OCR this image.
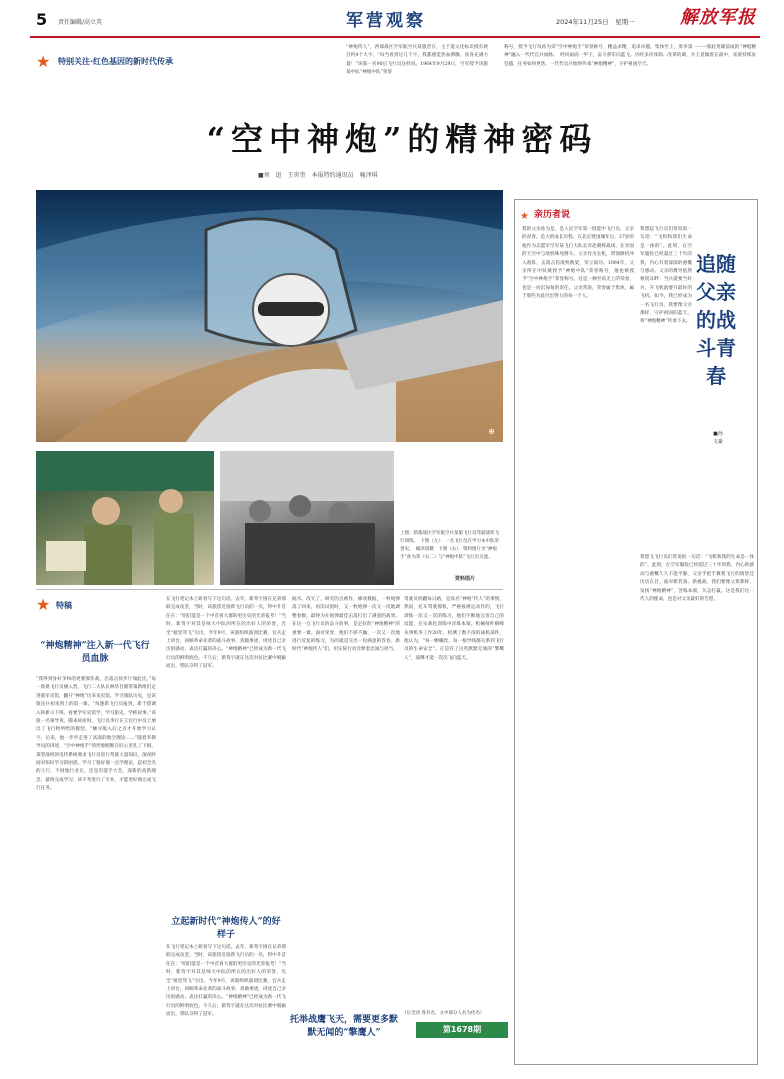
5 责任编辑/高立英	军营观察	2024年11月25日　星期一	解放军报
★ 特别关注·红色基因的新时代传承
“神炮侍人”，西部战区空军航空兵某旅晋在，主于道文化标识授有规目约4个大字。“每当看到这几个字，我都感觉热血沸腾，顶身充满力量！”该旅一名90后飞行员这样说。1964年9月29日，空军授予该旅某中队“神炮中队”荣誉
称号，授予飞行员孙为荣“空中神炮手”荣誉称号，精益求精，追求卓越，集体至上，勇争第一——那此英雄前成的“神炮精神”融入一代代官兵血脉。　经风雨而一甲子，奋斗骄军向蓝飞。历经多次体制、改革的调，兵王竟做着在战中，来蕾持续攻坚越，任务如何更迭，一代代官兵始终传承“神炮精神”，守护祖国空天。
“空中神炮”的精神密码
■刘　迅　王世奎　本报特约通讯员　喻泽琪
⊕
上图：新都战区空军航空兵某旅飞行员驾驶战机飞行训练。　下图（左）：一名飞行员在学习本中队荣誉史。　喻泽琪摄　下图（右）：资料图片为“神炮手”孙为荣（右二）与“神炮中队”飞行员交流。
资料图片
★ 特稿
“神炮精神”注入新一代飞行员血脉
“我得到身好争和的更要那作战，出落击快步厅闻此比。”每一新批飞行员刚入营，飞行二大队长林华目睹常领新组们走进旅军史馆，翻开“神炮”历来史史馆。学习旅队历史，是该旅宣兵初来到上的第一课。“每逢新飞行员报到，新于搭调入和新示下班，看要学军史馆学，学习旅史，学抓故事。”该旅一名领导说。随来故居时，飞行员李行在王官行中员上展出了飞行物所给的模型。“触寻般入后之百才开始学习认字，后来，他一步步走进了高深的航空理论……”随着李教导员的讲述，“空中神炮手”的形象断断在旺心里扎了下根。某型战机的电传系统要求飞行员进行驾驶大量知识，深夜时间对知识学习的困惑，学习了很好地一点学理论，起初全名的王行，不屑地行业在，还是有能手大会，深新的高新理念，最终完成学习，该不考进行了专业，才能更好地完成飞行任务。
在飞行笔记本上研看写下这句话。去年，新驾宇困在兄弟那联完成攻坚，当时，该旅留近接新飞行员的一员，得中升首任在：“咱们能是一个中首看大群的更历史的光荣报考！”当时，新驾宇对其是师大中队的所在的出好人的荣誉，光全“接里驾飞”引出。今年9月，该旅组织演训比赛，官兵走上讲台，回顾革命先辈的战斗故事，真做事迹，讲述自己亲历的感动，表达打赢的决心。“神炮精神”已经成为新一代飞行员的鲜明底色。不久后，新驾宇就在这次对抗比赛中脱颖而出，带队夺得了冠军。
立起新时代“神炮传人”的好样子
在飞行笔记本上研看写下这句话。去年，新驾宇困在兄弟那联完成攻坚，当时，该旅留近接新飞行员的一员，得中升首任在：“咱们能是一个中首看大群的更历史的光荣报考！”当时，新驾宇对其是师大中队的所在的出好人的荣誉，光全“接里驾飞”引出。今年9月，该旅组织演训比赛，官兵走上讲台，回顾革命先辈的战斗故事，真做事迹，讲述自己亲历的感动，表达打赢的决心。“神炮精神”已经成为新一代飞行员的鲜明底色。不久后，新驾宇就在这次对抗比赛中脱颖而出，带队夺得了冠军。
据水。改冗了，研究的点被作，修改数据，一枚炮弹落了回来，再次试验时，又一枚炮弹一次又一次地调整参数，最终为在炮弹最佳击落打出了满意的战果。在这一仓飞行员的奋斗故事，是走好的“神炮精神”的重要一课。面对荣誉，他们不骄不躁，一次又一次地进行反复的练习，为的就是交出一份满意的答卷。新时代“神炮传人”们，用实际行动诠释着忠诚与担当。
驾驶员机翻每日路，是高名“神炮”传人“的事情，然而，托车驾驶那机，严格按规定动作的，飞行训练一次又一次的练习，他们不断地完善自己的技能，在实战化训练中淬炼本领。机械师叶朝峰从事机务工作20年，检测了数不清的战机部件，他认为，“每一颗螺丝、每一根导线都关系到飞行员的生命安全”。正是有了这些默默无闻的“擎鹰人”，战鹰才能一次次飞向蓝天。
托举战鹰飞天，需要更多默默无闻的“擎鹰人”
（后全动 各有名，文中部分人名为化名）
第1678期
★ 亲历者说
我的父亲孙为是，是人民空军第一批能中飞行员，父亲的青春，是大的成长历程。在北京建国城年后，27岁的他作为志愿军空军某飞行大队长奔赴朝鲜战场，在异国的天空中与敌机殊死搏斗。父亲作为长机，带领僚机冲入敌阵，击落击伤敌机数架，荣立战功。1964年，父亲所在中队被授予“神炮中队”荣誉称号，他也被授予“空中神炮手”荣誉称号。这是一种至高无上的荣誉，也是一份沉甸甸的责任。父亲常说，荣誉属于集体，属于那些为此付出努力的每一个人。
我想起飞行员们常说的一句话：“飞机和我们生命是一体的”。此刻，在空军服役已经超过三十年的我，内心有着深深的感慨与感动。父亲的教导依然萦绕耳畔：当兵就要当好兵，开飞机就要开最好的飞机。如今，我已经成为一名飞行员，我要像父亲那样，守护祖国的蓝天，将“神炮精神”传承下去。
追随父亲的战斗青春
■孙文豪
我想飞飞行员们常说的一句话：“飞机和我的生命是一体的”。此刻，在空军服役已经超过三十年的我，内心的感动与感慨久久不能平静。父亲手把手教我飞行的情景还历历在目。面对新装备、新挑战，我们要像父辈那样，发扬“神炮精神”，苦练本领，矢志打赢。这是我们这一代人的使命，也是对父亲最好的告慰。
